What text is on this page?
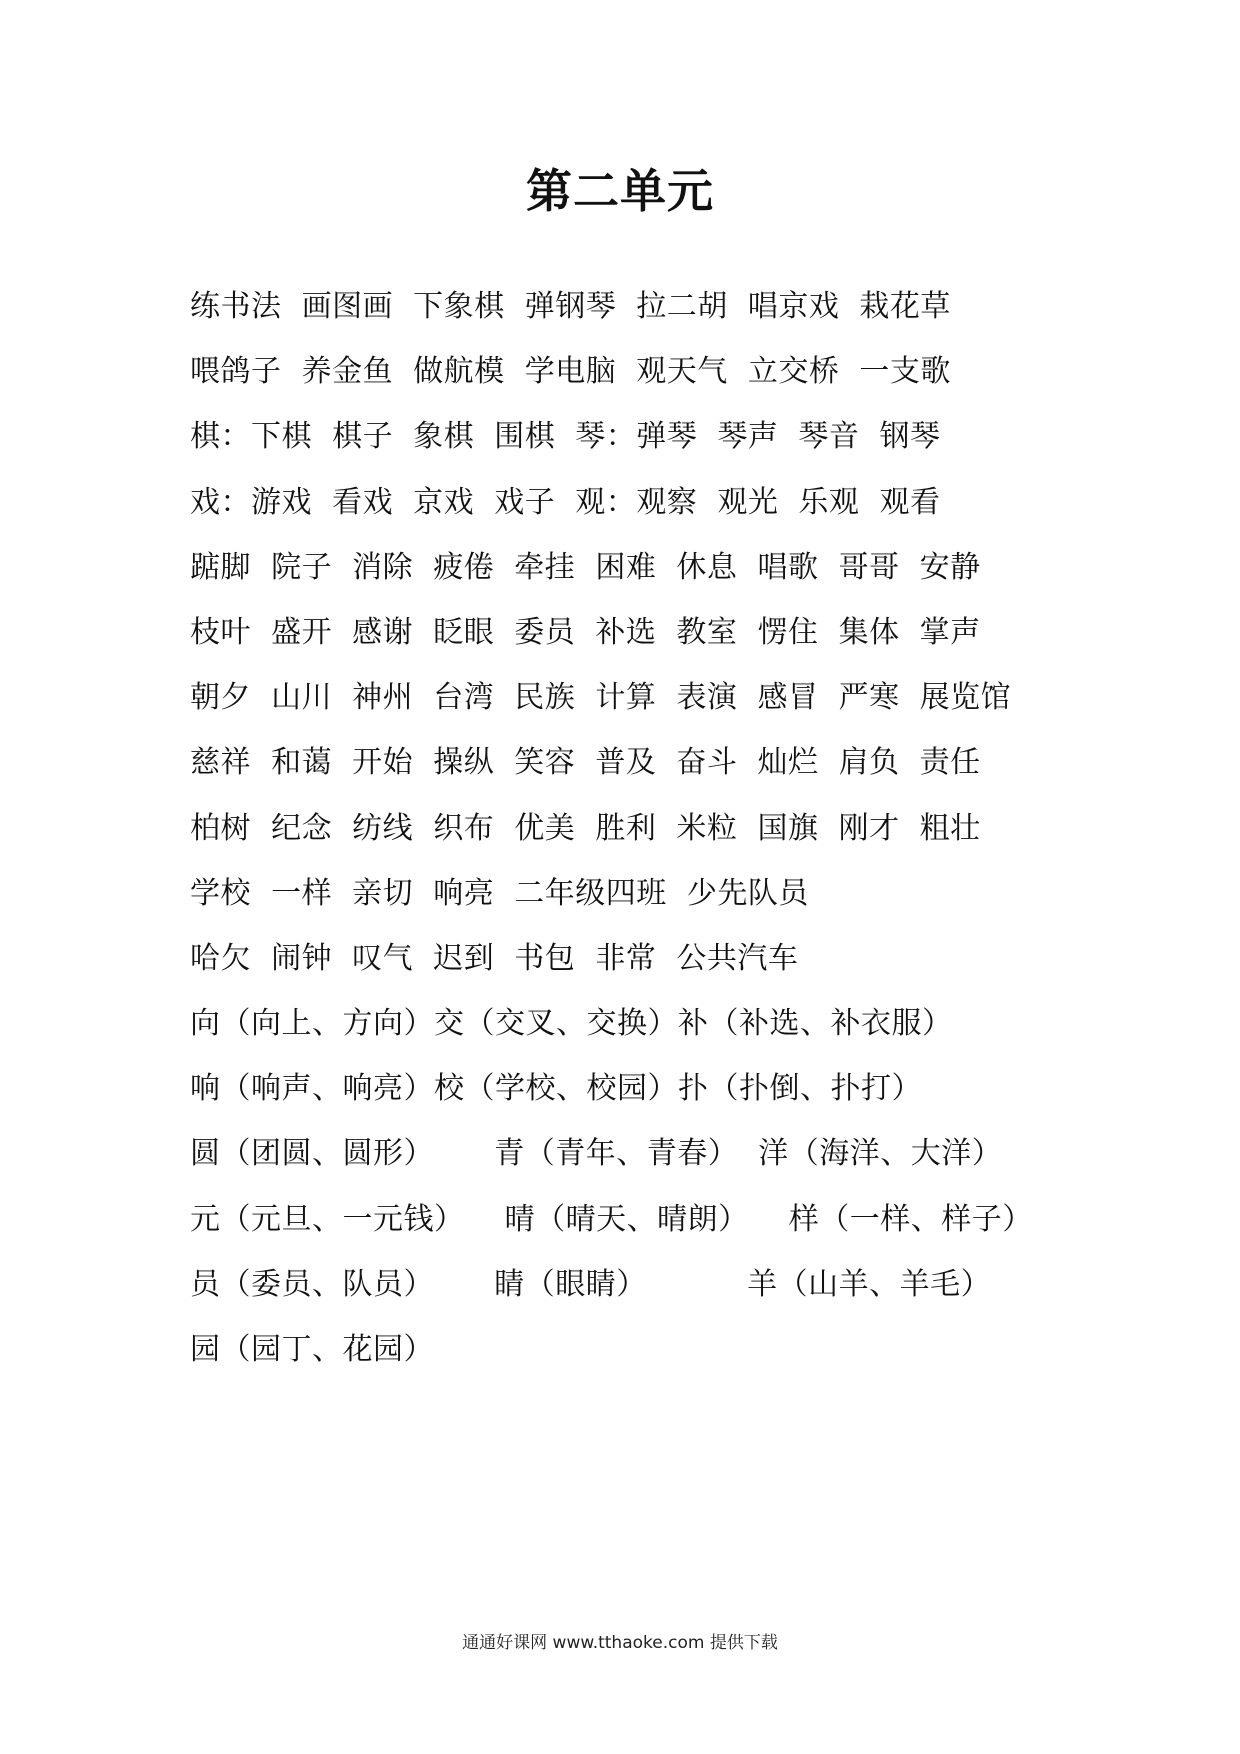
第二单元
练书法  画图画  下象棋  弹钢琴  拉二胡  唱京戏  栽花草
喂鸽子  养金鱼  做航模  学电脑  观天气  立交桥  一支歌
棋：下棋  棋子  象棋  围棋  琴：弹琴  琴声  琴音  钢琴
戏：游戏  看戏  京戏  戏子  观：观察  观光  乐观  观看
踮脚  院子  消除  疲倦  牵挂  困难  休息  唱歌  哥哥  安静
枝叶  盛开  感谢  眨眼  委员  补选  教室  愣住  集体  掌声
朝夕  山川  神州  台湾  民族  计算  表演  感冒  严寒  展览馆
慈祥  和蔼  开始  操纵  笑容  普及  奋斗  灿烂  肩负  责任
柏树  纪念  纺线  织布  优美  胜利  米粒  国旗  刚才  粗壮
学校  一样  亲切  响亮  二年级四班  少先队员
哈欠  闹钟  叹气  迟到  书包  非常  公共汽车
向（向上、方向）交（交叉、交换）补（补选、补衣服）
响（响声、响亮）校（学校、校园）扑（扑倒、扑打）
圆（团圆、圆形）      青（青年、青春）  洋（海洋、大洋）
元（元旦、一元钱）    晴（晴天、晴朗）    样（一样、样子）
员（委员、队员）      睛（眼睛）          羊（山羊、羊毛）
园（园丁、花园）
通通好课网 www.tthaoke.com 提供下载
